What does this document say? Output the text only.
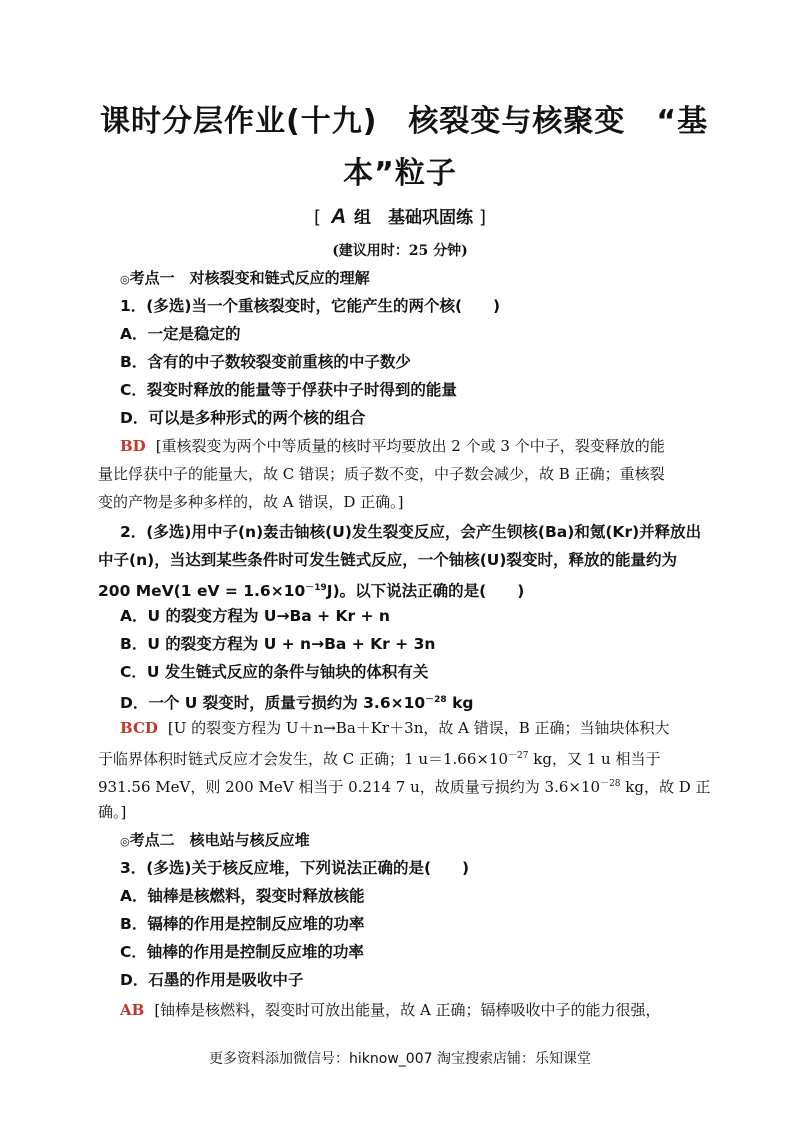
课时分层作业(十九)　核裂变与核聚变　“基
本”粒子
[ A 组　基础巩固练 ]
(建议用时：25 分钟)
◎考点一　对核裂变和链式反应的理解
1．(多选)当一个重核裂变时，它能产生的两个核(　　)
A．一定是稳定的
B．含有的中子数较裂变前重核的中子数少
C．裂变时释放的能量等于俘获中子时得到的能量
D．可以是多种形式的两个核的组合
BD [重核裂变为两个中等质量的核时平均要放出 2 个或 3 个中子，裂变释放的能
量比俘获中子的能量大，故 C 错误；质子数不变，中子数会减少，故 B 正确；重核裂
变的产物是多种多样的，故 A 错误，D 正确。]
2．(多选)用中子(n)轰击铀核(U)发生裂变反应，会产生钡核(Ba)和氪(Kr)并释放出
中子(n)，当达到某些条件时可发生链式反应，一个铀核(U)裂变时，释放的能量约为
200 MeV(1 eV = $1.6\times 10^{-19}J$)。以下说法正确的是(　　)
A．U 的裂变方程为 U→Ba + Kr + n
B．U 的裂变方程为 U + n→Ba + Kr + 3n
C．U 发生链式反应的条件与铀块的体积有关
D．一个 U 裂变时，质量亏损约为 $3.6\times 10^{-28}$ kg
BCD [U 的裂变方程为 U＋n→Ba＋Kr＋3n，故 A 错误，B 正确；当铀块体积大
于临界体积时链式反应才会发生，故 C 正确；1 $u=1.66\times 10^{-27}$ kg，又 1 u 相当于
931.56 MeV，则 200 MeV 相当于 0.214 7 u，故质量亏损约为 $3.6\times 10^{-28}$ kg，故 D 正
确。]
◎考点二　核电站与核反应堆
3．(多选)关于核反应堆，下列说法正确的是(　　)
A．铀棒是核燃料，裂变时释放核能
B．镉棒的作用是控制反应堆的功率
C．铀棒的作用是控制反应堆的功率
D．石墨的作用是吸收中子
AB [铀棒是核燃料，裂变时可放出能量，故 A 正确；镉棒吸收中子的能力很强，
更多资料添加微信号：hiknow_007 淘宝搜索店铺：乐知课堂
